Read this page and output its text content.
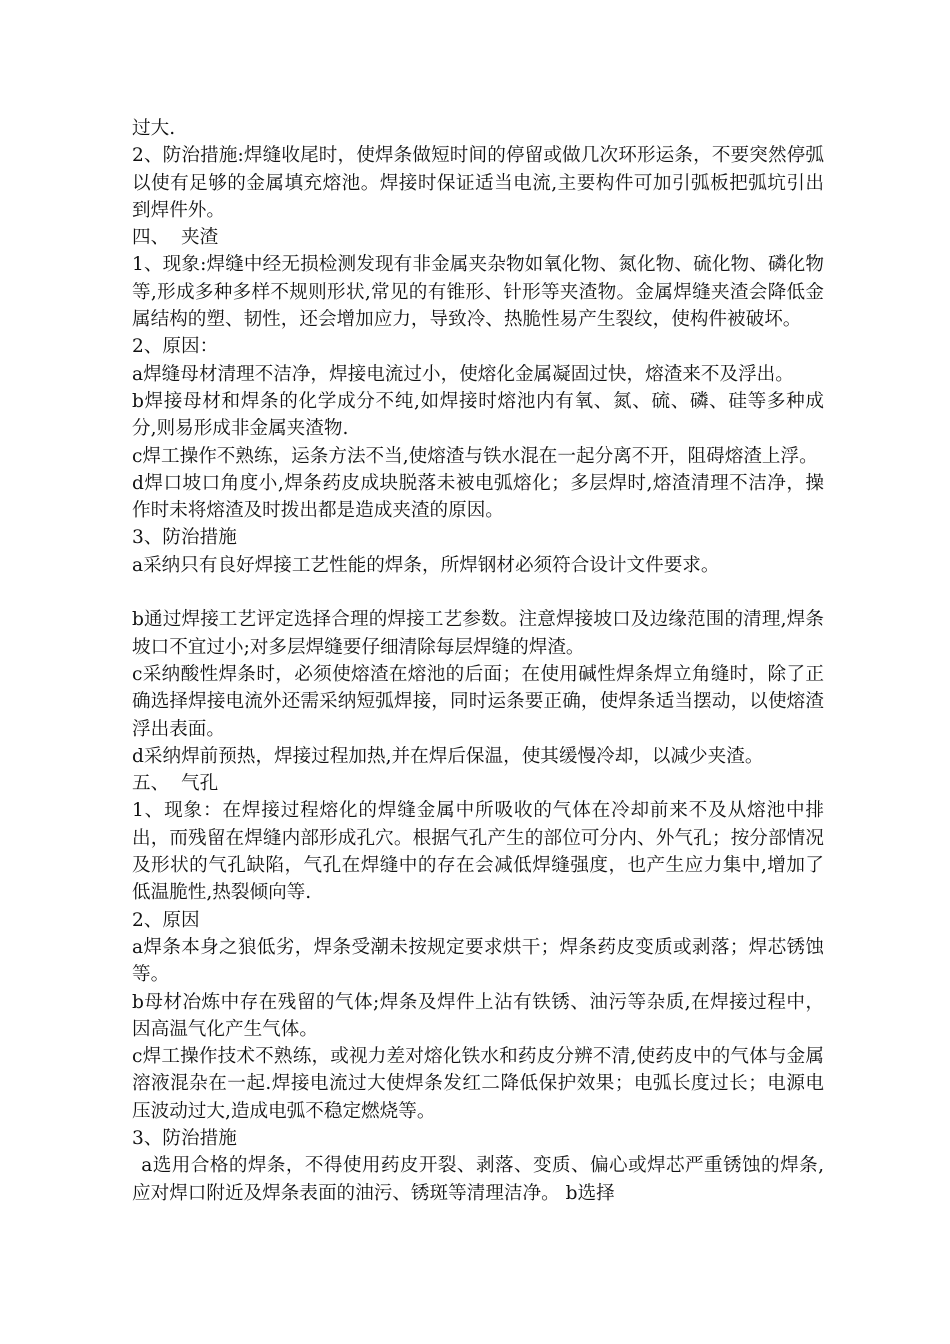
过大.

2、防治措施:焊缝收尾时，使焊条做短时间的停留或做几次环形运条，不要突然停弧以使有足够的金属填充熔池。焊接时保证适当电流,主要构件可加引弧板把弧坑引出到焊件外。

四、  夹渣

1、现象:焊缝中经无损检测发现有非金属夹杂物如氧化物、氮化物、硫化物、磷化物等,形成多种多样不规则形状,常见的有锥形、针形等夹渣物。金属焊缝夹渣会降低金属结构的塑、韧性，还会增加应力，导致冷、热脆性易产生裂纹，使构件被破坏。

2、原因：

a焊缝母材清理不洁净，焊接电流过小，使熔化金属凝固过快，熔渣来不及浮出。

b焊接母材和焊条的化学成分不纯,如焊接时熔池内有氧、氮、硫、磷、硅等多种成分,则易形成非金属夹渣物.

c焊工操作不熟练，运条方法不当,使熔渣与铁水混在一起分离不开，阻碍熔渣上浮。

d焊口坡口角度小,焊条药皮成块脱落未被电弧熔化；多层焊时,熔渣清理不洁净，操作时未将熔渣及时拨出都是造成夹渣的原因。

3、防治措施

a采纳只有良好焊接工艺性能的焊条，所焊钢材必须符合设计文件要求。

b通过焊接工艺评定选择合理的焊接工艺参数。注意焊接坡口及边缘范围的清理,焊条坡口不宜过小;对多层焊缝要仔细清除每层焊缝的焊渣。

c采纳酸性焊条时，必须使熔渣在熔池的后面；在使用碱性焊条焊立角缝时，除了正确选择焊接电流外还需采纳短弧焊接，同时运条要正确，使焊条适当摆动，以使熔渣浮出表面。

d采纳焊前预热，焊接过程加热,并在焊后保温，使其缓慢冷却，以减少夹渣。

五、  气孔

1、现象：在焊接过程熔化的焊缝金属中所吸收的气体在冷却前来不及从熔池中排出，而残留在焊缝内部形成孔穴。根据气孔产生的部位可分内、外气孔；按分部情况及形状的气孔缺陷，气孔在焊缝中的存在会减低焊缝强度，也产生应力集中,增加了低温脆性,热裂倾向等.

2、原因

a焊条本身之狼低劣，焊条受潮未按规定要求烘干；焊条药皮变质或剥落；焊芯锈蚀等。

b母材冶炼中存在残留的气体;焊条及焊件上沾有铁锈、油污等杂质,在焊接过程中，因高温气化产生气体。

c焊工操作技术不熟练，或视力差对熔化铁水和药皮分辨不清,使药皮中的气体与金属溶液混杂在一起.焊接电流过大使焊条发红二降低保护效果；电弧长度过长；电源电压波动过大,造成电弧不稳定燃烧等。

3、防治措施

a选用合格的焊条，不得使用药皮开裂、剥落、变质、偏心或焊芯严重锈蚀的焊条,应对焊口附近及焊条表面的油污、锈斑等清理洁净。 b选择
